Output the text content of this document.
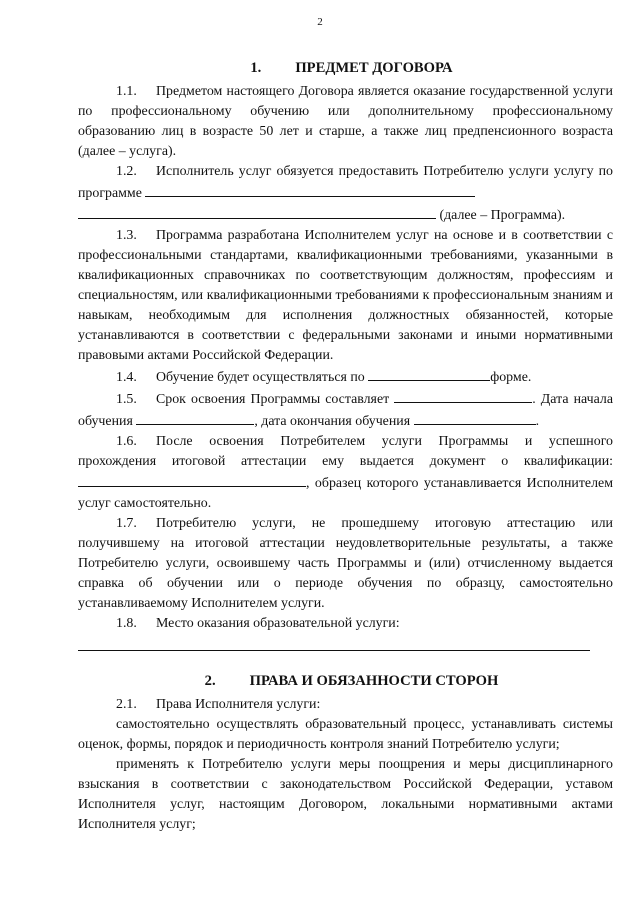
2
1. ПРЕДМЕТ ДОГОВОРА

1.1. Предметом настоящего Договора является оказание государственной услуги по профессиональному обучению или дополнительному профессиональному образованию лиц в возрасте 50 лет и старше, а также лиц предпенсионного возраста (далее – услуга).

1.2. Исполнитель услуг обязуется предоставить Потребителю услуги услугу по программе

(далее – Программа).

1.3. Программа разработана Исполнителем услуг на основе и в соответствии с профессиональными стандартами, квалификационными требованиями, указанными в квалификационных справочниках по соответствующим должностям, профессиям и специальностям, или квалификационными требованиями к профессиональным знаниям и навыкам, необходимым для исполнения должностных обязанностей, которые устанавливаются в соответствии с федеральными законами и иными нормативными правовыми актами Российской Федерации.

1.4. Обучение будет осуществляться по	форме.

1.5. Срок освоения Программы составляет	. Дата начала обучения	, дата окончания обучения	.

1.6. После освоения Потребителем услуги Программы и успешного прохождения итоговой аттестации ему выдается документ о квалификации: , образец которого устанавливается Исполнителем услуг самостоятельно.

1.7. Потребителю услуги, не прошедшему итоговую аттестацию или получившему на итоговой аттестации неудовлетворительные результаты, а также Потребителю услуги, освоившему часть Программы и (или) отчисленному выдается справка об обучении или о периоде обучения по образцу, самостоятельно устанавливаемому Исполнителем услуги.

1.8. Место оказания образовательной услуги:

2. ПРАВА И ОБЯЗАННОСТИ СТОРОН

2.1. Права Исполнителя услуги:

самостоятельно осуществлять образовательный процесс, устанавливать системы оценок, формы, порядок и периодичность контроля знаний Потребителю услуги;

применять к Потребителю услуги меры поощрения и меры дисциплинарного взыскания в соответствии с законодательством Российской Федерации, уставом Исполнителя услуг, настоящим Договором, локальными нормативными актами Исполнителя услуг;
